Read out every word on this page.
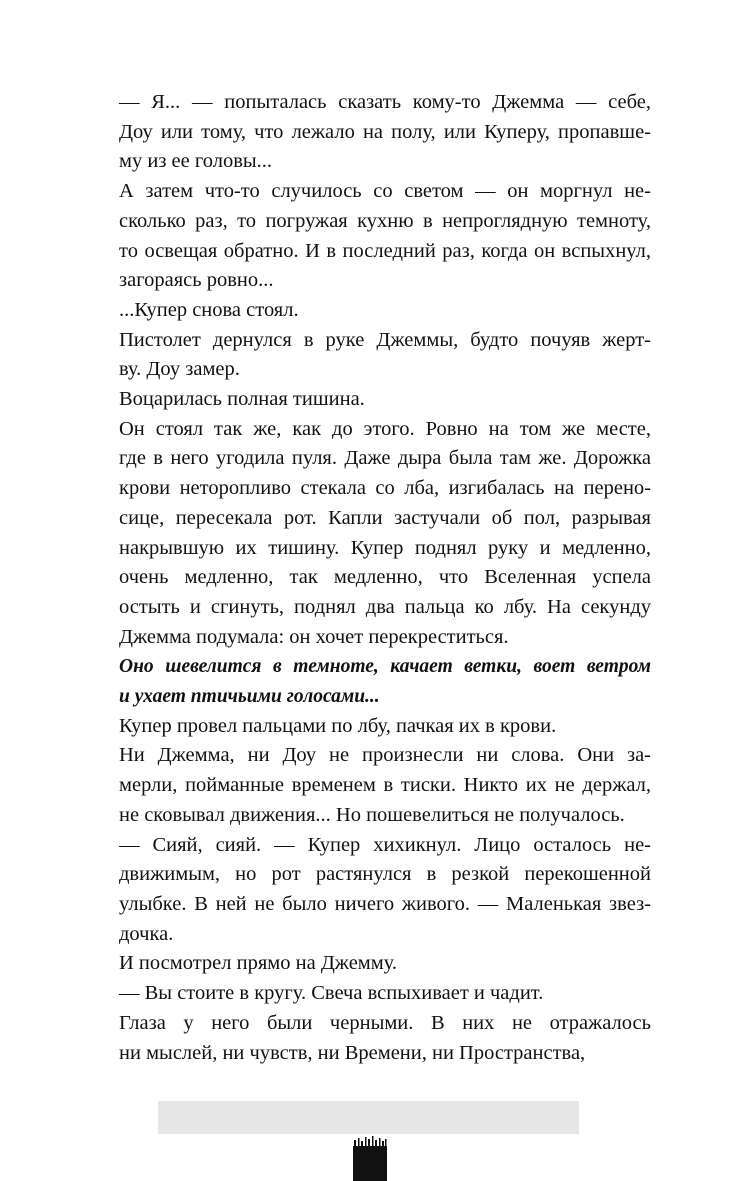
— Я... — попыталась сказать кому-то Джемма — себе,
Доу или тому, что лежало на полу, или Куперу, пропавше-
му из ее головы...

А затем что-то случилось со светом — он моргнул не-
сколько раз, то погружая кухню в непроглядную темноту,
то освещая обратно. И в последний раз, когда он вспыхнул,
загораясь ровно...

...Купер снова стоял.

Пистолет дернулся в руке Джеммы, будто почуяв жерт-
ву. Доу замер.

Воцарилась полная тишина.

Он стоял так же, как до этого. Ровно на том же месте,
где в него угодила пуля. Даже дыра была там же. Дорожка
крови неторопливо стекала со лба, изгибалась на перено-
сице, пересекала рот. Капли застучали об пол, разрывая
накрывшую их тишину. Купер поднял руку и медленно,
очень медленно, так медленно, что Вселенная успела
остыть и сгинуть, поднял два пальца ко лбу. На секунду
Джемма подумала: он хочет перекреститься.

Оно шевелится в темноте, качает ветки, воет ветром
и ухает птичьими голосами...

Купер провел пальцами по лбу, пачкая их в крови.

Ни Джемма, ни Доу не произнесли ни слова. Они за-
мерли, пойманные временем в тиски. Никто их не держал,
не сковывал движения... Но пошевелиться не получалось.

— Сияй, сияй. — Купер хихикнул. Лицо осталось не-
движимым, но рот растянулся в резкой перекошенной
улыбке. В ней не было ничего живого. — Маленькая звез-
дочка.

И посмотрел прямо на Джемму.

— Вы стоите в кругу. Свеча вспыхивает и чадит.

Глаза у него были черными. В них не отражалось
ни мыслей, ни чувств, ни Времени, ни Пространства,
